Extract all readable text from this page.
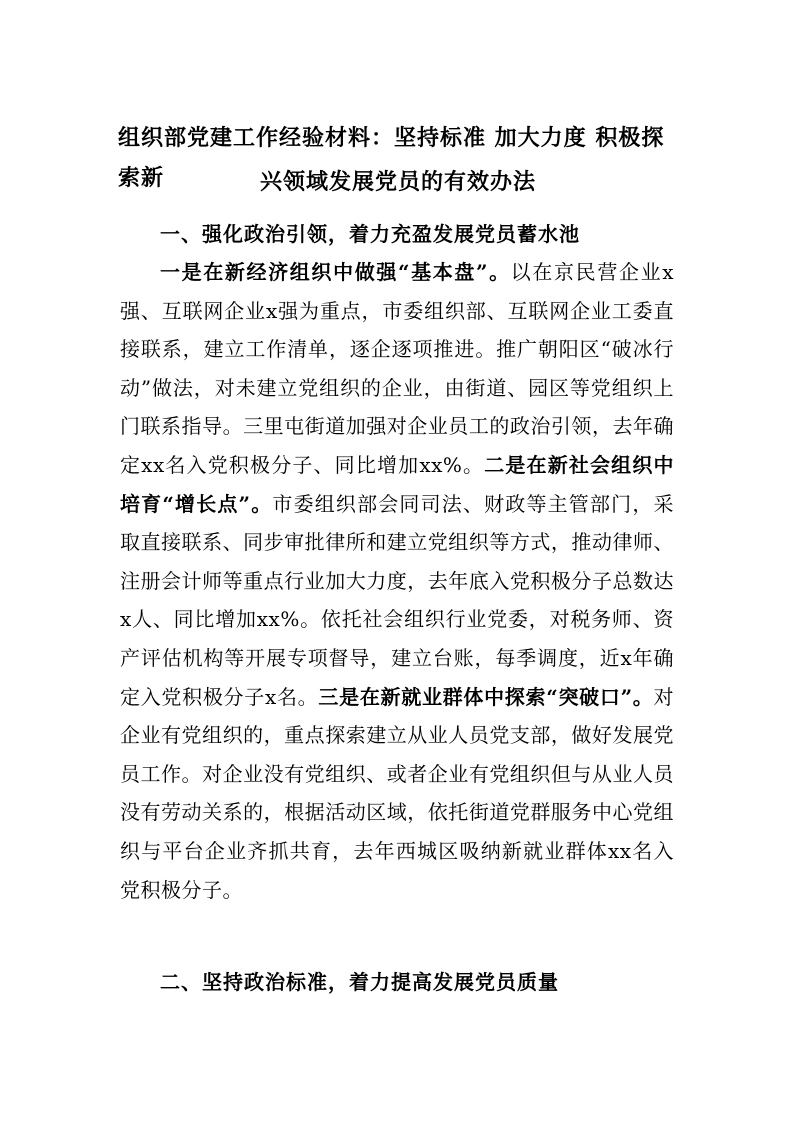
组织部党建工作经验材料：坚持标准 加大力度 积极探索新	兴领域发展党员的有效办法
一、强化政治引领，着力充盈发展党员蓄水池

一是在新经济组织中做强“基本盘”。以在京民营企业x强、互联网企业x强为重点，市委组织部、互联网企业工委直接联系，建立工作清单，逐企逐项推进。推广朝阳区“破冰行动”做法，对未建立党组织的企业，由街道、园区等党组织上门联系指导。三里屯街道加强对企业员工的政治引领，去年确定xx名入党积极分子、同比增加xx%。二是在新社会组织中培育“增长点”。市委组织部会同司法、财政等主管部门，采取直接联系、同步审批律所和建立党组织等方式，推动律师、注册会计师等重点行业加大力度，去年底入党积极分子总数达x人、同比增加xx%。依托社会组织行业党委，对税务师、资产评估机构等开展专项督导，建立台账，每季调度，近x年确定入党积极分子x名。三是在新就业群体中探索“突破口”。对企业有党组织的，重点探索建立从业人员党支部，做好发展党员工作。对企业没有党组织、或者企业有党组织但与从业人员没有劳动关系的，根据活动区域，依托街道党群服务中心党组织与平台企业齐抓共育，去年西城区吸纳新就业群体xx名入党积极分子。

二、坚持政治标准，着力提高发展党员质量
